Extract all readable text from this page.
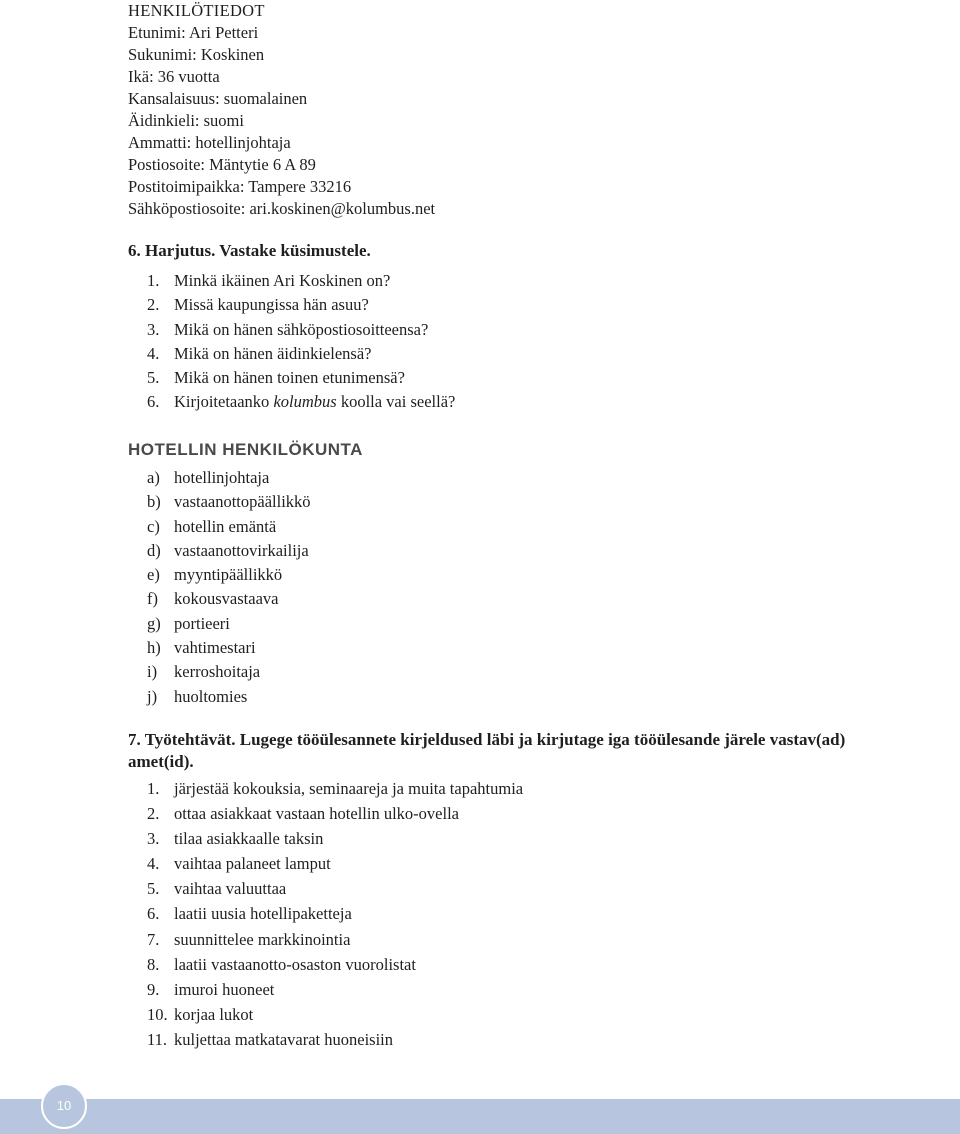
HENKILÖTIEDOT
Etunimi: Ari Petteri
Sukunimi: Koskinen
Ikä: 36 vuotta
Kansalaisuus: suomalainen
Äidinkieli: suomi
Ammatti: hotellinjohtaja
Postiosoite: Mäntytie 6 A 89
Postitoimipaikka: Tampere 33216
Sähköpostiosoite: ari.koskinen@kolumbus.net
6. Harjutus. Vastake küsimustele.
1. Minkä ikäinen Ari Koskinen on?
2. Missä kaupungissa hän asuu?
3. Mikä on hänen sähköpostiosoitteensa?
4. Mikä on hänen äidinkielensä?
5. Mikä on hänen toinen etunimensä?
6. Kirjoitetaanko kolumbus koolla vai seellä?
HOTELLIN HENKILÖKUNTA
a) hotellinjohtaja
b) vastaanottopäällikkö
c) hotellin emäntä
d) vastaanottovirkailija
e) myyntipäällikkö
f) kokousvastaava
g) portieeri
h) vahtimestari
i) kerroshoitaja
j) huoltomies
7. Työtehtävät. Lugege tööülesannete kirjeldused läbi ja kirjutage iga tööülesande järele vastav(ad) amet(id).
1. järjestää kokouksia, seminaareja ja muita tapahtumia
2. ottaa asiakkaat vastaan hotellin ulko-ovella
3. tilaa asiakkaalle taksin
4. vaihtaa palaneet lamput
5. vaihtaa valuuttaa
6. laatii uusia hotellipaketteja
7. suunnittelee markkinointia
8. laatii vastaanotto-osaston vuorolistat
9. imuroi huoneet
10. korjaa lukot
11. kuljettaa matkatavarat huoneisiin
10
